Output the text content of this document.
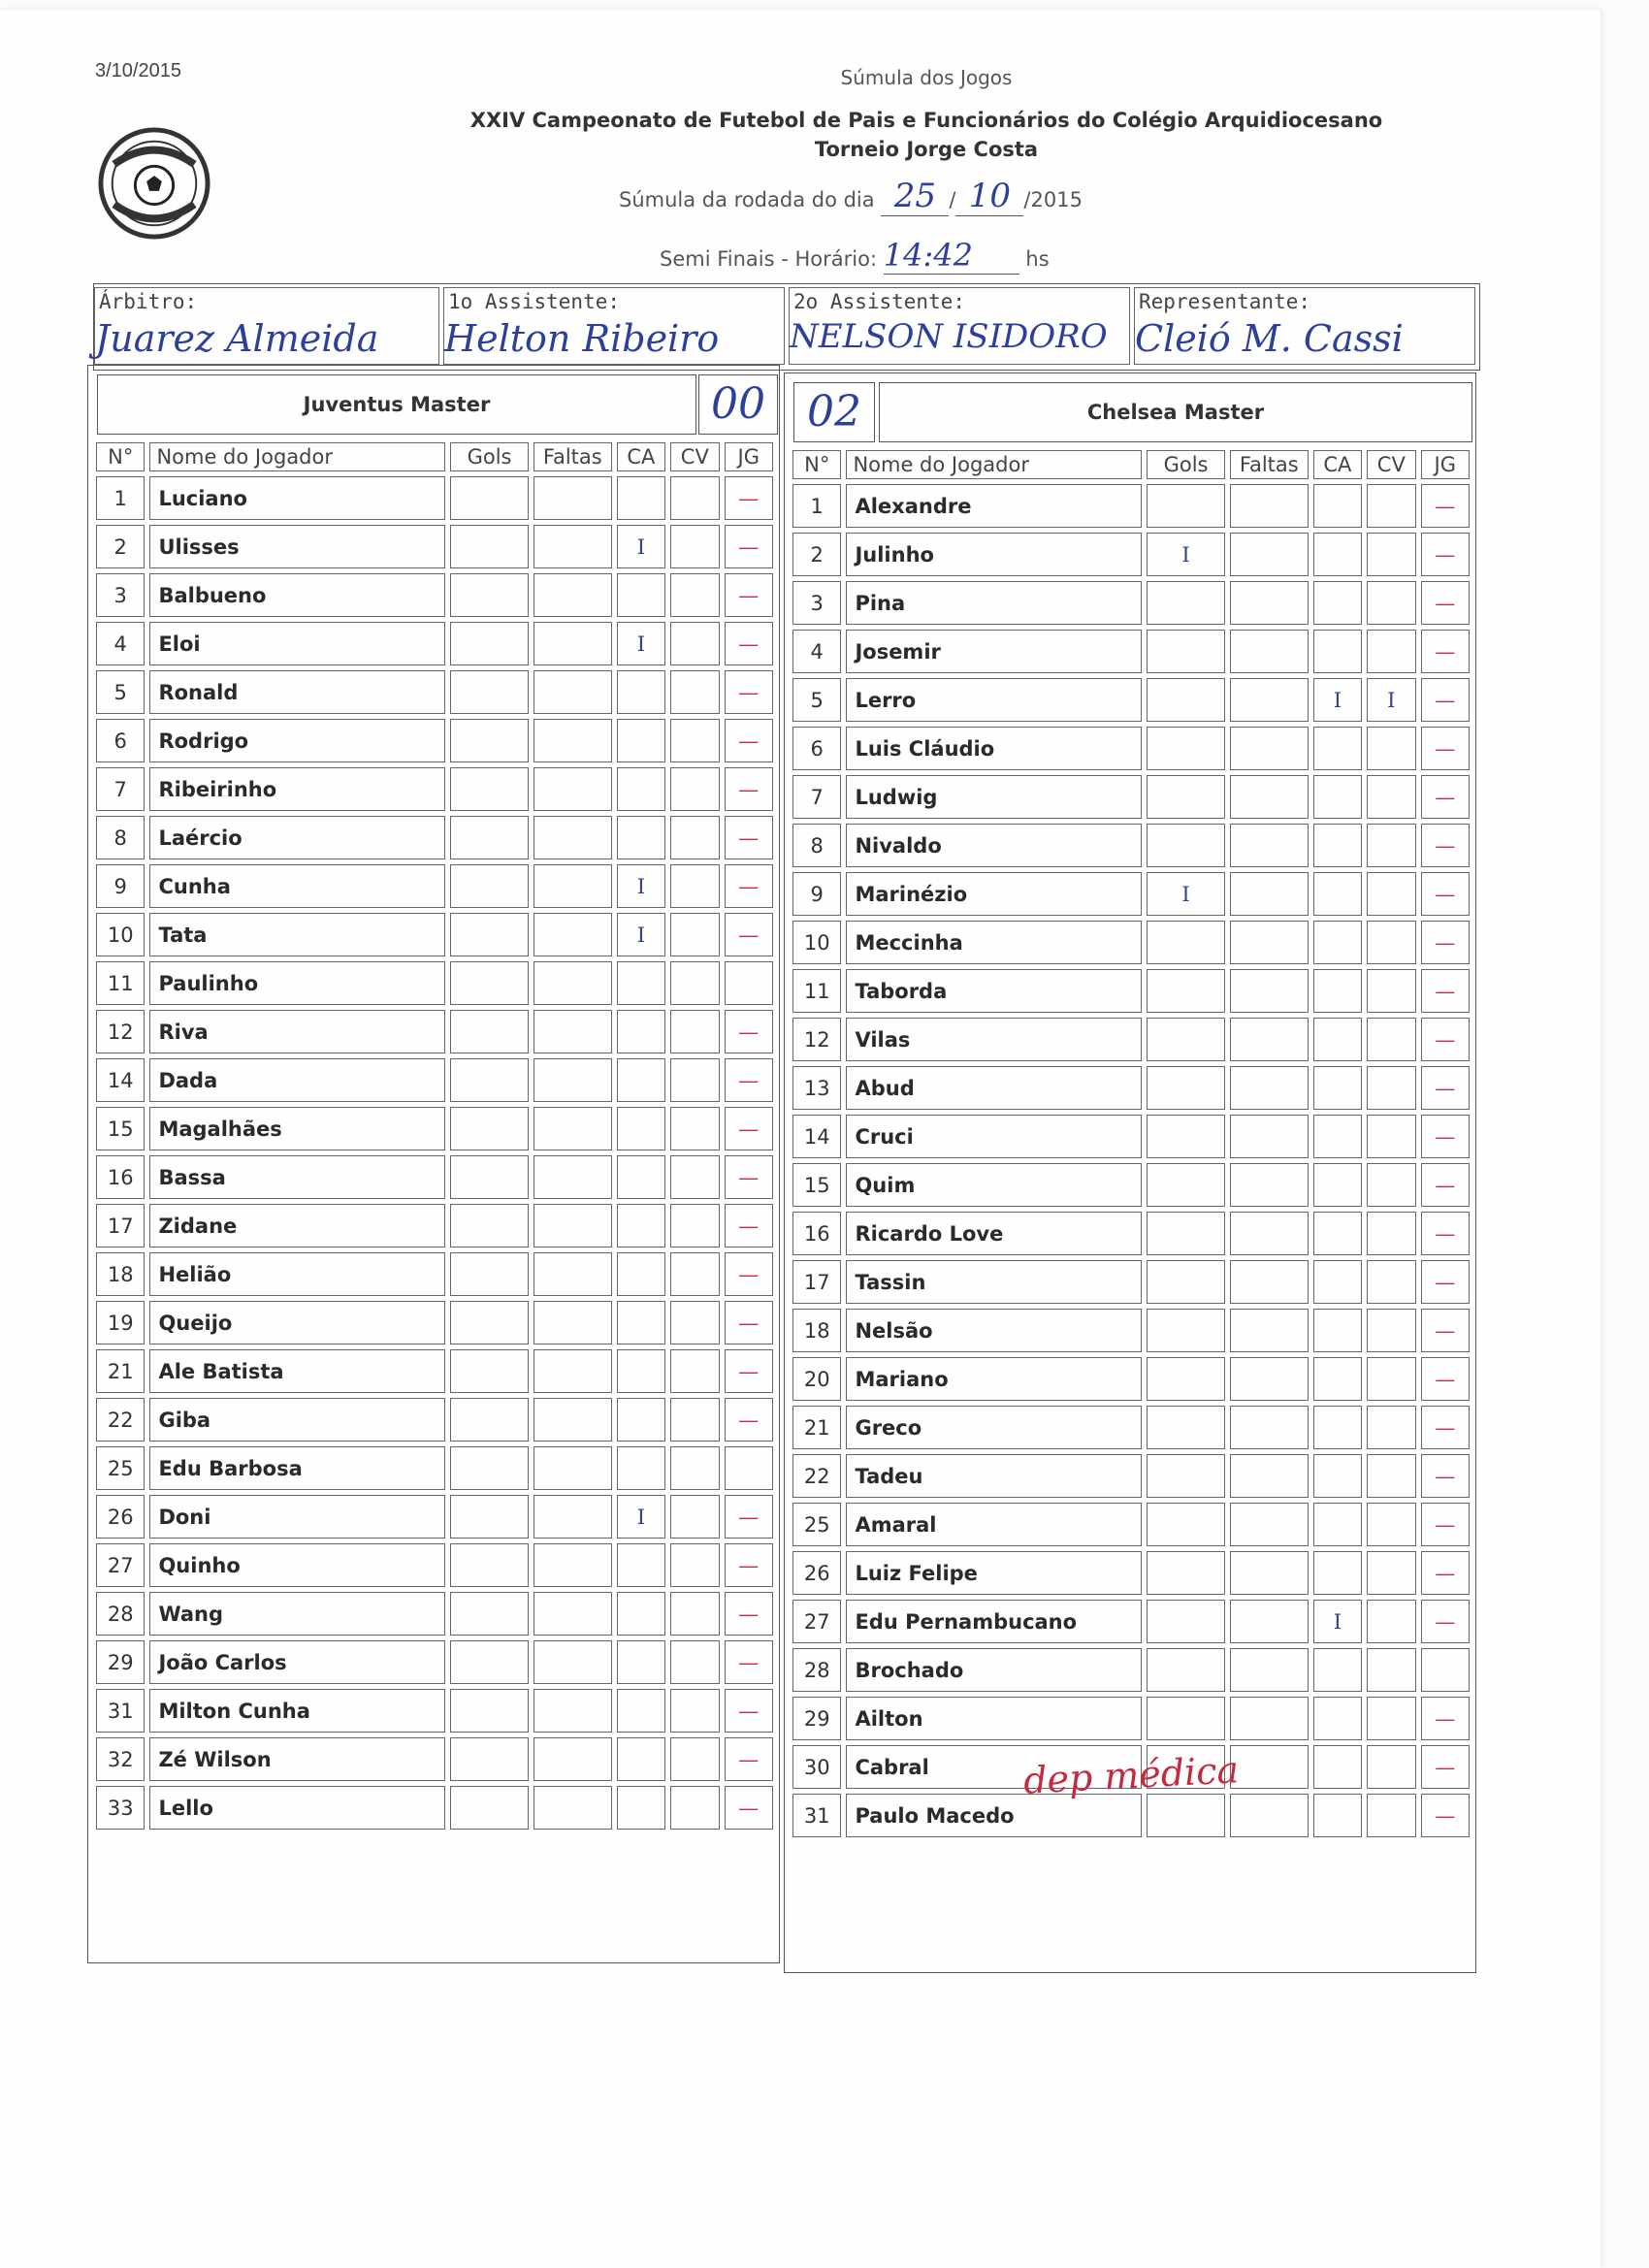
3/10/2015	Súmula dos Jogos
XXIV Campeonato de Futebol de Pais e Funcionários do Colégio Arquidiocesano
Torneio Jorge Costa
Súmula da rodada do dia 25 / 10 /2015
Semi Finais - Horário: 14:42	hs
Árbitro:
Juarez Almeida
1o Assistente:
Helton Ribeiro
2o Assistente:
NELSON ISIDORO
Representante:
Cleió M. Cassi
Juventus Master	00
N°	Nome do Jogador	Gols	Faltas	CA	CV	JG
1	Luciano					—
2	Ulisses			I		—
3	Balbueno					—
4	Eloi			I		—
5	Ronald					—
6	Rodrigo					—
7	Ribeirinho					—
8	Laércio					—
9	Cunha			I		—
10	Tata			I		—
11	Paulinho					
12	Riva					—
14	Dada					—
15	Magalhães					—
16	Bassa					—
17	Zidane					—
18	Helião					—
19	Queijo					—
21	Ale Batista					—
22	Giba					—
25	Edu Barbosa					
26	Doni			I		—
27	Quinho					—
28	Wang					—
29	João Carlos					—
31	Milton Cunha					—
32	Zé Wilson					—
33	Lello					—
02	Chelsea Master
N°	Nome do Jogador	Gols	Faltas	CA	CV	JG
1	Alexandre					—
2	Julinho	I				—
3	Pina					—
4	Josemir					—
5	Lerro			I	I	—
6	Luis Cláudio					—
7	Ludwig					—
8	Nivaldo					—
9	Marinézio	I				—
10	Meccinha					—
11	Taborda					—
12	Vilas					—
13	Abud					—
14	Cruci					—
15	Quim					—
16	Ricardo Love					—
17	Tassin					—
18	Nelsão					—
20	Mariano					—
21	Greco					—
22	Tadeu					—
25	Amaral					—
26	Luiz Felipe					—
27	Edu Pernambucano			I		—
28	Brochado					
29	Ailton					—
30	Cabral					—
31	Paulo Macedo					—
dep médica
